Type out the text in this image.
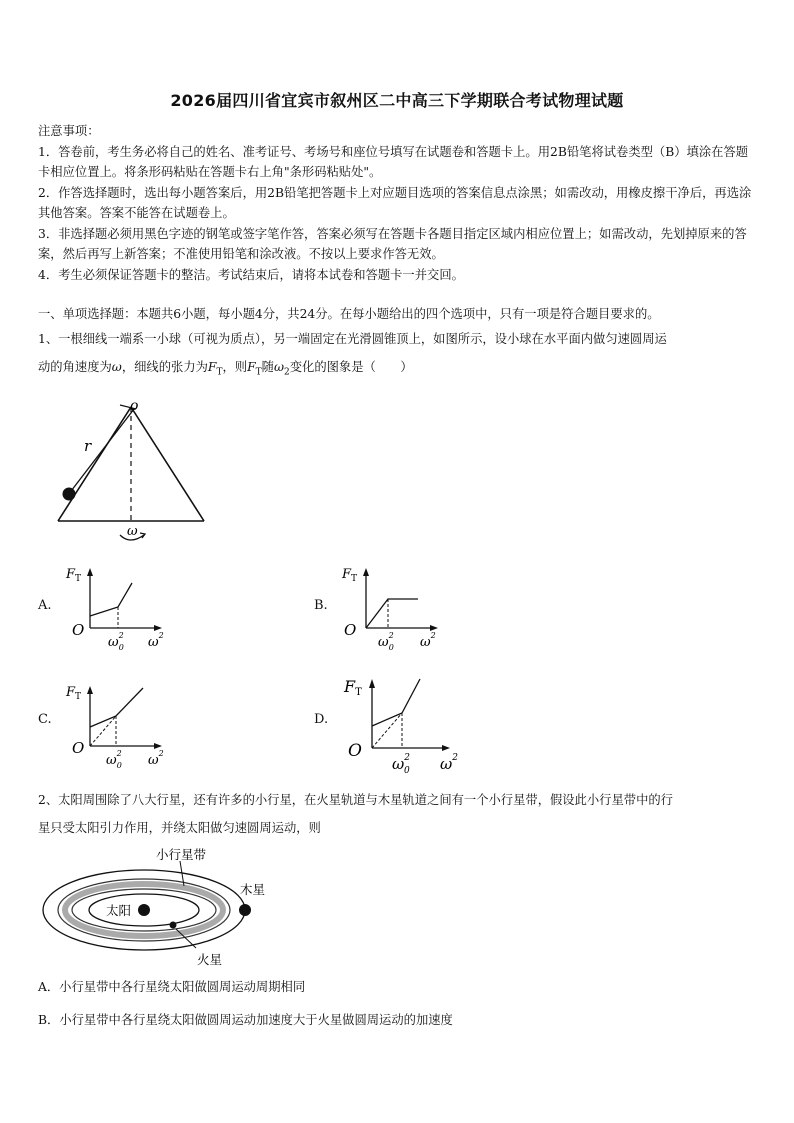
2026届四川省宜宾市叙州区二中高三下学期联合考试物理试题
注意事项：
1．答卷前，考生务必将自己的姓名、准考证号、考场号和座位号填写在试题卷和答题卡上。用2B铅笔将试卷类型（B）填涂在答题卡相应位置上。将条形码粘贴在答题卡右上角"条形码粘贴处"。
2．作答选择题时，选出每小题答案后，用2B铅笔把答题卡上对应题目选项的答案信息点涂黑；如需改动，用橡皮擦干净后，再选涂其他答案。答案不能答在试题卷上。
3．非选择题必须用黑色字迹的钢笔或签字笔作答，答案必须写在答题卡各题目指定区域内相应位置上；如需改动，先划掉原来的答案，然后再写上新答案；不准使用铅笔和涂改液。不按以上要求作答无效。
4．考生必须保证答题卡的整洁。考试结束后，请将本试卷和答题卡一并交回。
一、单项选择题：本题共6小题，每小题4分，共24分。在每小题给出的四个选项中，只有一项是符合题目要求的。
1、一根细线一端系一小球（可视为质点），另一端固定在光滑圆锥顶上，如图所示，设小球在水平面内做匀速圆周运
动的角速度为ω，细线的张力为$F_T$，则$F_T$随$\omega_2$变化的图象是（　　）
o
r
ω
A.
$F_T$
O
$\omega^2$ 0 $\omega^2$
B.
$F_T$
O
$\omega^2$ 0 $\omega^2$
C.
$F_T$
O
$\omega^2$ 0 $\omega^2$
D.
FT
O
$\omega^2$ 0 $\omega^2$
2、太阳周围除了八大行星，还有许多的小行星，在火星轨道与木星轨道之间有一个小行星带，假设此小行星带中的行
星只受太阳引力作用，并绕太阳做匀速圆周运动，则
小行星带
木星
太阳
火星
A．小行星带中各行星绕太阳做圆周运动周期相同
B．小行星带中各行星绕太阳做圆周运动加速度大于火星做圆周运动的加速度
